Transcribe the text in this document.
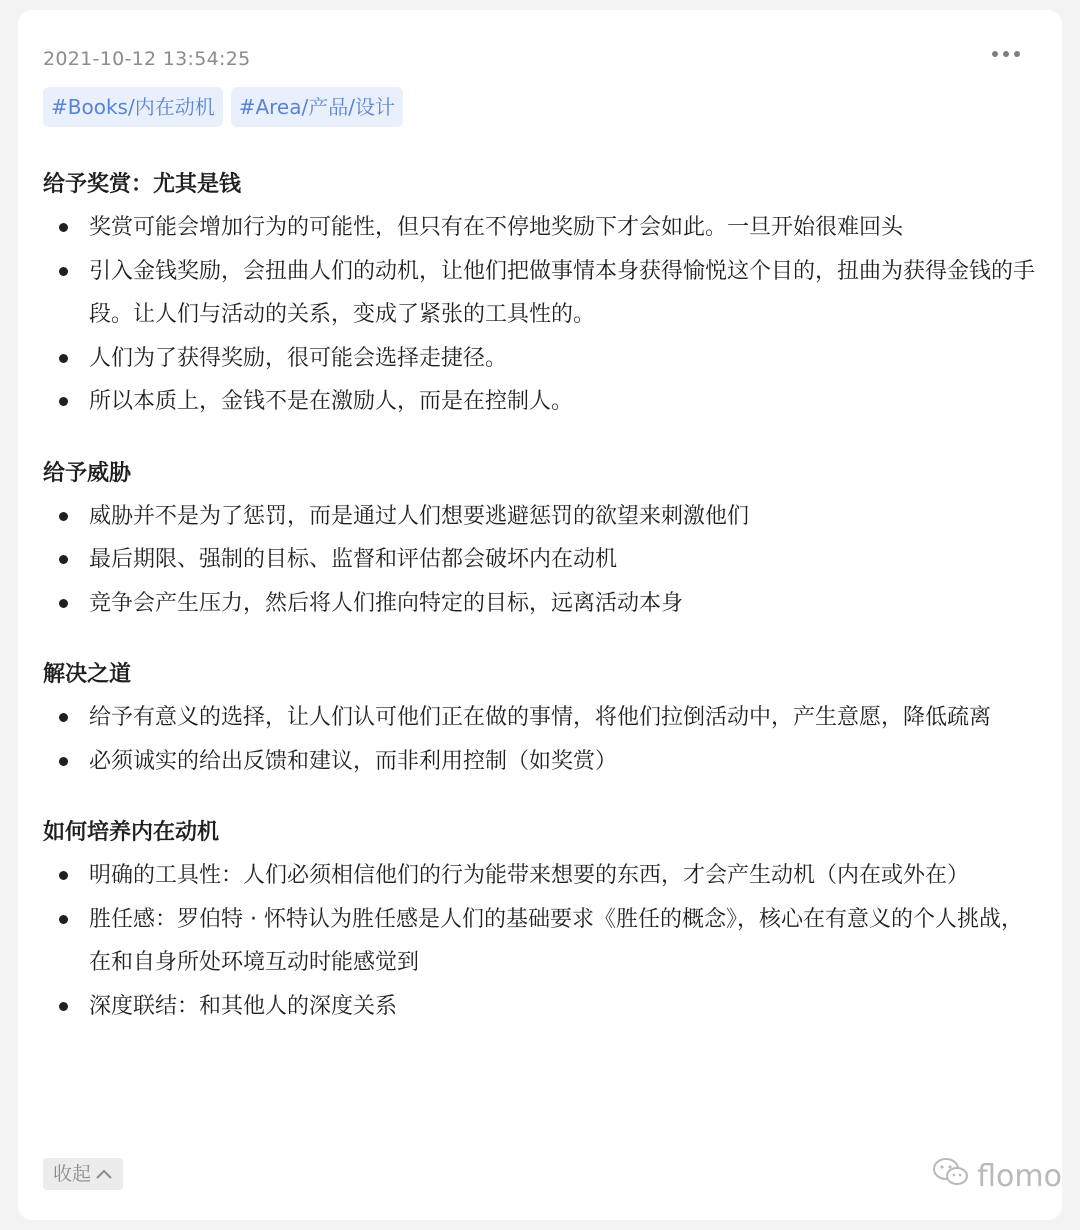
2021-10-12 13:54:25
#Books/内在动机	#Area/产品/设计
给予奖赏：尤其是钱
奖赏可能会增加行为的可能性，但只有在不停地奖励下才会如此。一旦开始很难回头
引入金钱奖励，会扭曲人们的动机，让他们把做事情本身获得愉悦这个目的，扭曲为获得金钱的手段。让人们与活动的关系，变成了紧张的工具性的。
人们为了获得奖励，很可能会选择走捷径。
所以本质上，金钱不是在激励人，而是在控制人。
给予威胁
威胁并不是为了惩罚，而是通过人们想要逃避惩罚的欲望来刺激他们
最后期限、强制的目标、监督和评估都会破坏内在动机
竞争会产生压力，然后将人们推向特定的目标，远离活动本身
解决之道
给予有意义的选择，让人们认可他们正在做的事情，将他们拉倒活动中，产生意愿，降低疏离
必须诚实的给出反馈和建议，而非利用控制（如奖赏）
如何培养内在动机
明确的工具性：人们必须相信他们的行为能带来想要的东西，才会产生动机（内在或外在）
胜任感：罗伯特 · 怀特认为胜任感是人们的基础要求《胜任的概念》，核心在有意义的个人挑战，在和自身所处环境互动时能感觉到
深度联结：和其他人的深度关系
收起	flomo
